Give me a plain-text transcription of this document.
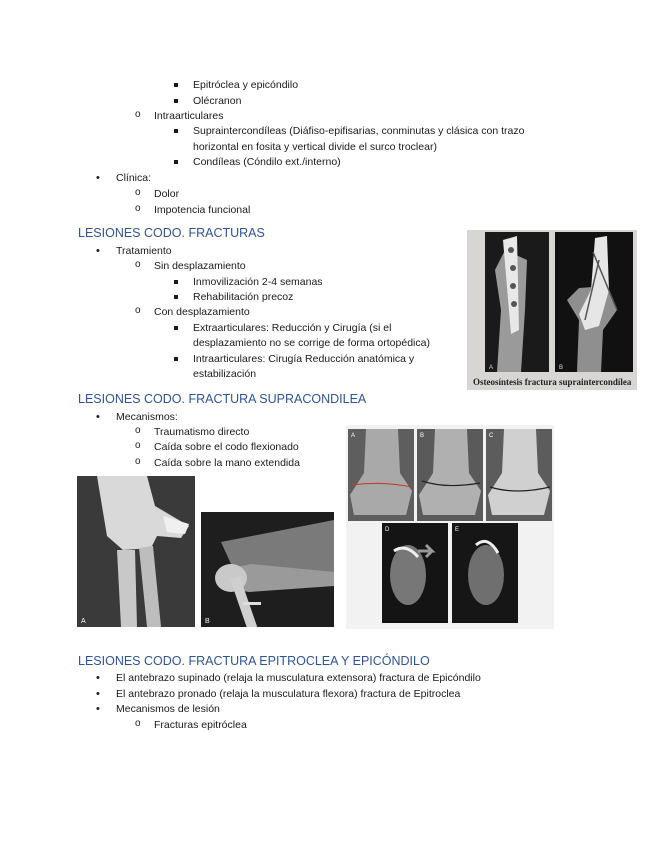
Epitróclea y epicóndilo
Olécranon
o Intraarticulares
Supraintercondíleas (Diáfiso-epifisarias, conminutas y clásica con trazo
horizontal en fosita y vertical divide el surco troclear)
Condíleas (Cóndilo ext./interno)
• Clínica:
o Dolor
o Impotencia funcional
LESIONES CODO. FRACTURAS
• Tratamiento
o Sin desplazamiento
Inmovilización 2-4 semanas
Rehabilitación precoz
o Con desplazamiento
Extraarticulares: Reducción y Cirugía (si el
desplazamiento no se corrige de forma ortopédica)
Intraarticulares: Cirugía Reducción anatómica y
estabilización	A	B
Osteosíntesis fractura supraintercondílea
LESIONES CODO. FRACTURA SUPRACONDILEA
• Mecanismos:
o Traumatismo directo
o Caída sobre el codo flexionado
o Caída sobre la mano extendida
A	B
A	B	C
D	E
LESIONES CODO. FRACTURA EPITROCLEA Y EPICÓNDILO
• El antebrazo supinado (relaja la musculatura extensora) fractura de Epicóndilo
• El antebrazo pronado (relaja la musculatura flexora) fractura de Epitroclea
• Mecanismos de lesión
o Fracturas epitróclea
